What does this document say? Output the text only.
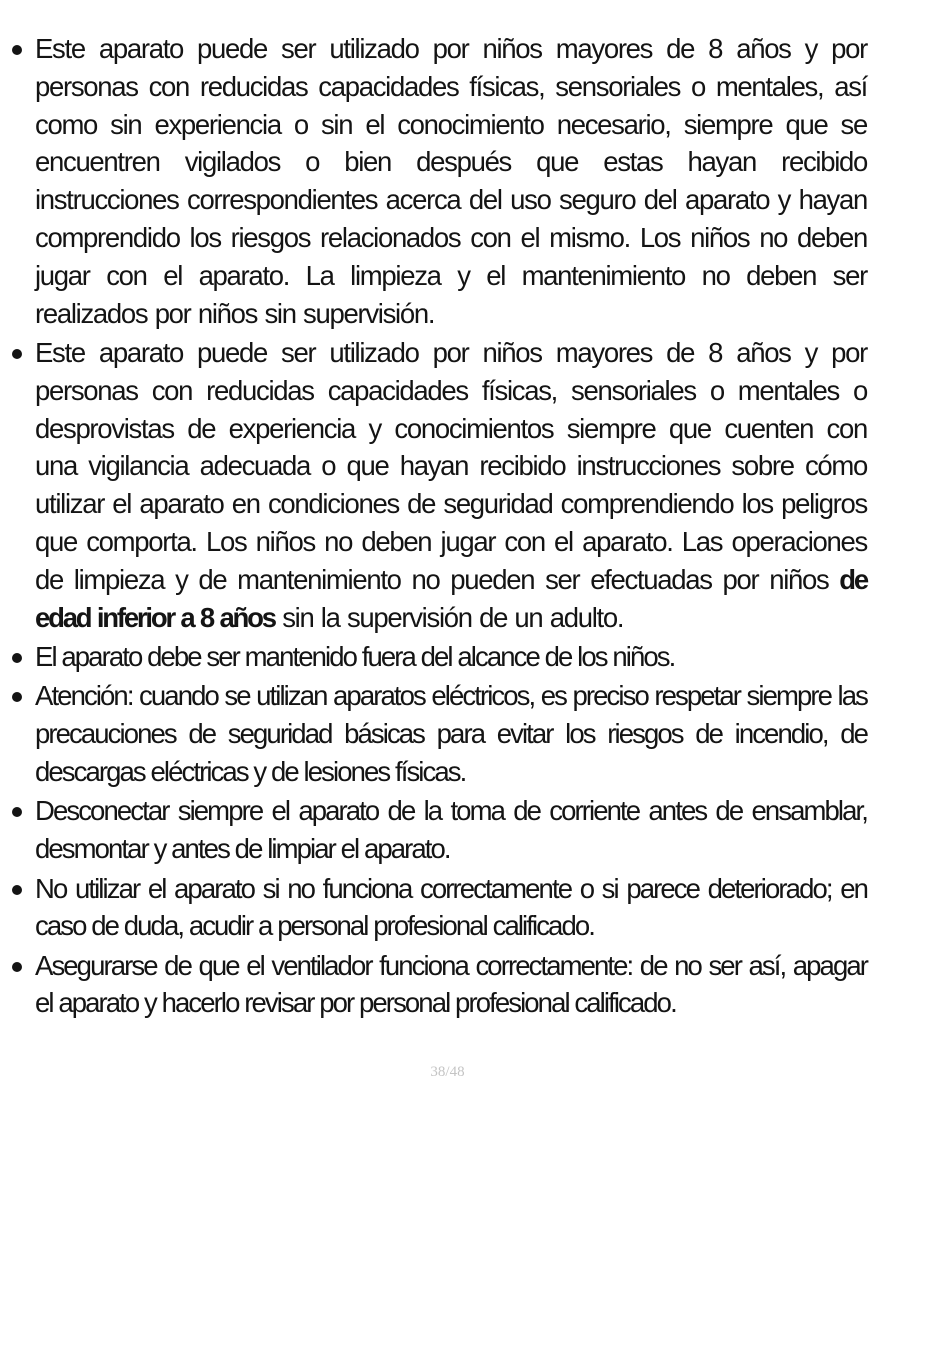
Este aparato puede ser utilizado por niños mayores de 8 años y por personas con reducidas capacidades físicas, sensoriales o mentales, así como sin experiencia o sin el conocimiento necesario, siempre que se encuentren vigilados o bien después que estas hayan recibido instrucciones correspondientes acerca del uso seguro del aparato y hayan comprendido los riesgos relacionados con el mismo. Los niños no deben jugar con el aparato. La limpieza y el mantenimiento no deben ser realizados por niños sin supervisión.
Este aparato puede ser utilizado por niños mayores de 8 años y por personas con reducidas capacidades físicas, sensoriales o mentales o desprovistas de experiencia y conocimientos siempre que cuenten con una vigilancia adecuada o que hayan recibido instrucciones sobre cómo utilizar el aparato en condiciones de seguridad comprendiendo los peligros que comporta. Los niños no deben jugar con el aparato. Las operaciones de limpieza y de mantenimiento no pueden ser efectuadas por niños de edad inferior a 8 años sin la supervisión de un adulto.
El aparato debe ser mantenido fuera del alcance de los niños.
Atención: cuando se utilizan aparatos eléctricos, es preciso respetar siempre las precauciones de seguridad básicas para evitar los riesgos de incendio, de descargas eléctricas y de lesiones físicas.
Desconectar siempre el aparato de la toma de corriente antes de ensamblar, desmontar y antes de limpiar el aparato.
No utilizar el aparato si no funciona correctamente o si parece deteriorado; en caso de duda, acudir a personal profesional calificado.
Asegurarse de que el ventilador funciona correctamente: de no ser así, apagar el aparato y hacerlo revisar por personal profesional calificado.
38/48
